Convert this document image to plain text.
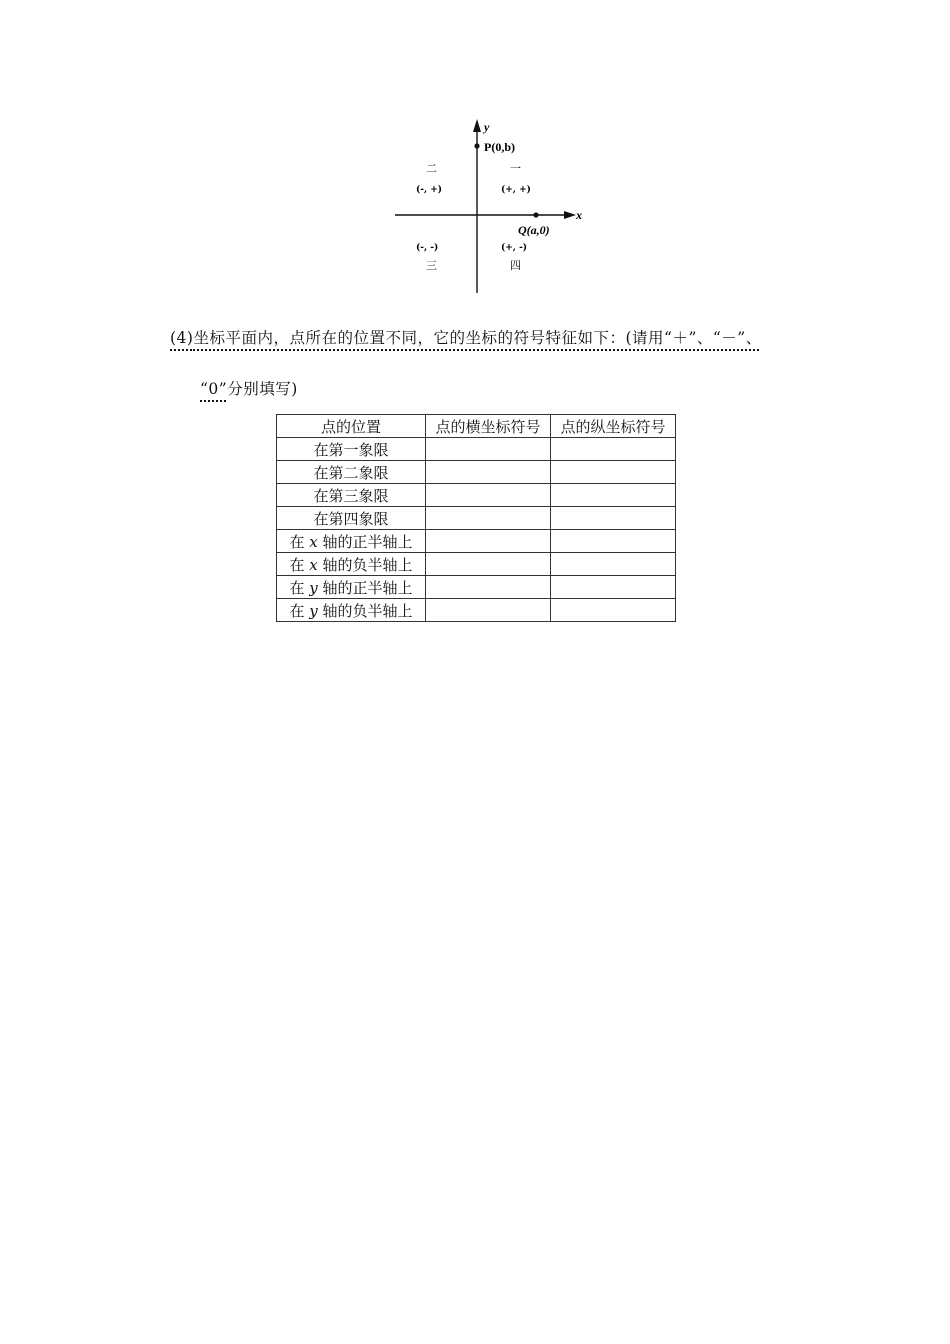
y
x
P(0,b)
Q(a,0)
二
(-, +)
一
(+, +)
(-, -)
三
(+, -)
四
(4)坐标平面内，点所在的位置不同，它的坐标的符号特征如下：(请用“＋”、“－”、
“0”分别填写)
点的位置	点的横坐标符号	点的纵坐标符号
在第一象限		
在第二象限		
在第三象限		
在第四象限		
在 x 轴的正半轴上		
在 x 轴的负半轴上		
在 y 轴的正半轴上		
在 y 轴的负半轴上		
